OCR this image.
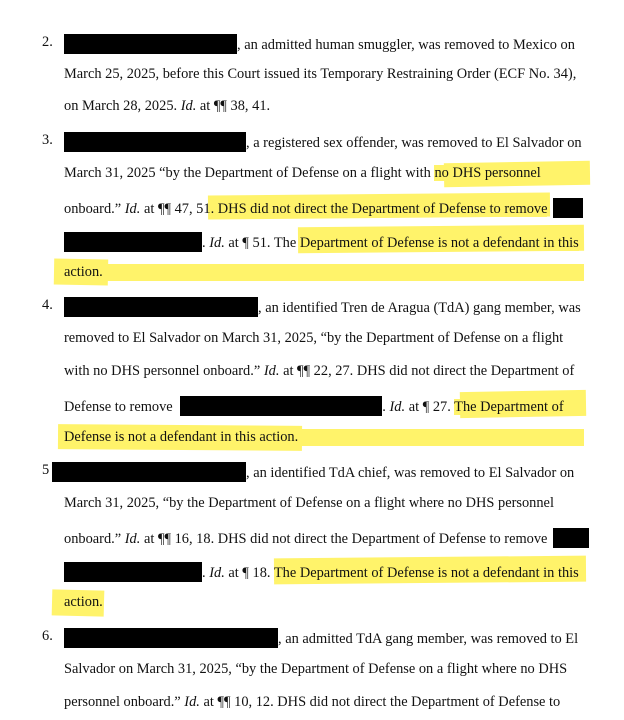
2.	, an admitted human smuggler, was removed to Mexico on
March 25, 2025, before this Court issued its Temporary Restraining Order (ECF No. 34),
on March 28, 2025. Id. at ¶¶ 38, 41.
3.	, a registered sex offender, was removed to El Salvador on
March 31, 2025 “by the Department of Defense on a flight with no DHS personnel
onboard.” Id. at ¶¶ 47, 51. DHS did not direct the Department of Defense to remove
. Id. at ¶ 51. The Department of Defense is not a defendant in this
action.
4.	, an identified Tren de Aragua (TdA) gang member, was
removed to El Salvador on March 31, 2025, “by the Department of Defense on a flight
with no DHS personnel onboard.” Id. at ¶¶ 22, 27. DHS did not direct the Department of
Defense to remove	. Id. at ¶ 27. The Department of
Defense is not a defendant in this action.
5	, an identified TdA chief, was removed to El Salvador on
March 31, 2025, “by the Department of Defense on a flight where no DHS personnel
onboard.” Id. at ¶¶ 16, 18. DHS did not direct the Department of Defense to remove
. Id. at ¶ 18. The Department of Defense is not a defendant in this
action.
6.	, an admitted TdA gang member, was removed to El
Salvador on March 31, 2025, “by the Department of Defense on a flight where no DHS
personnel onboard.” Id. at ¶¶ 10, 12. DHS did not direct the Department of Defense to
